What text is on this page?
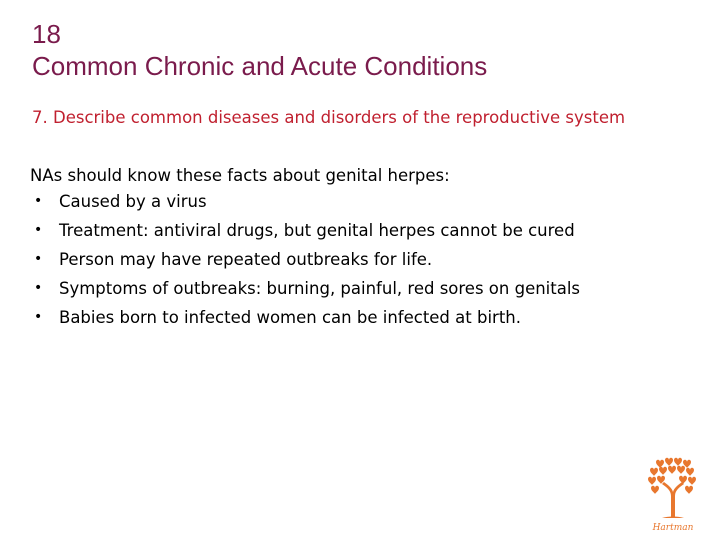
18
Common Chronic and Acute Conditions
7. Describe common diseases and disorders of the reproductive system
NAs should know these facts about genital herpes:
• Caused by a virus
• Treatment: antiviral drugs, but genital herpes cannot be cured
• Person may have repeated outbreaks for life.
• Symptoms of outbreaks: burning, painful, red sores on genitals
• Babies born to infected women can be infected at birth.
Hartman
